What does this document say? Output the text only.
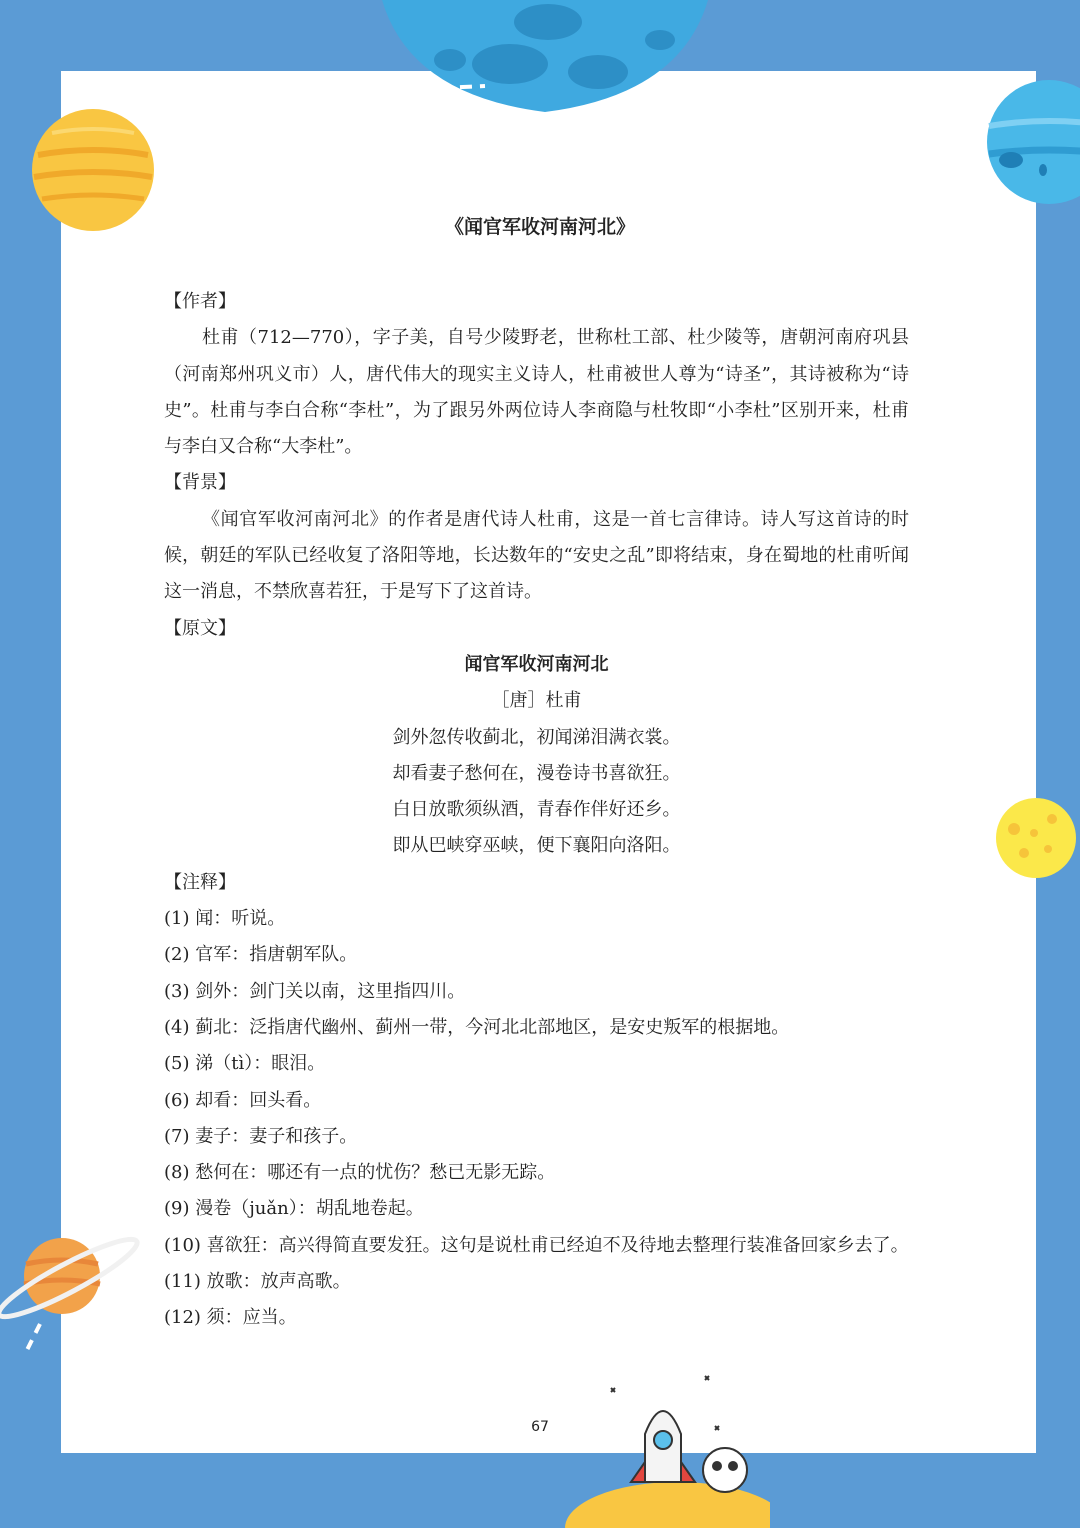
《闻官军收河南河北》

【作者】

杜甫（712—770），字子美，自号少陵野老，世称杜工部、杜少陵等，唐朝河南府巩县（河南郑州巩义市）人，唐代伟大的现实主义诗人，杜甫被世人尊为“诗圣”，其诗被称为“诗史”。杜甫与李白合称“李杜”，为了跟另外两位诗人李商隐与杜牧即“小李杜”区别开来，杜甫与李白又合称“大李杜”。

【背景】

《闻官军收河南河北》的作者是唐代诗人杜甫，这是一首七言律诗。诗人写这首诗的时候，朝廷的军队已经收复了洛阳等地，长达数年的“安史之乱”即将结束，身在蜀地的杜甫听闻这一消息，不禁欣喜若狂，于是写下了这首诗。

【原文】

闻官军收河南河北

［唐］杜甫

剑外忽传收蓟北，初闻涕泪满衣裳。

却看妻子愁何在，漫卷诗书喜欲狂。

白日放歌须纵酒，青春作伴好还乡。

即从巴峡穿巫峡，便下襄阳向洛阳。

【注释】

(1) 闻：听说。

(2) 官军：指唐朝军队。

(3) 剑外：剑门关以南，这里指四川。

(4) 蓟北：泛指唐代幽州、蓟州一带，今河北北部地区，是安史叛军的根据地。

(5) 涕（tì）：眼泪。

(6) 却看：回头看。

(7) 妻子：妻子和孩子。

(8) 愁何在：哪还有一点的忧伤？愁已无影无踪。

(9) 漫卷（juǎn）：胡乱地卷起。

(10) 喜欲狂：高兴得简直要发狂。这句是说杜甫已经迫不及待地去整理行装准备回家乡去了。

(11) 放歌：放声高歌。

(12) 须：应当。

67
